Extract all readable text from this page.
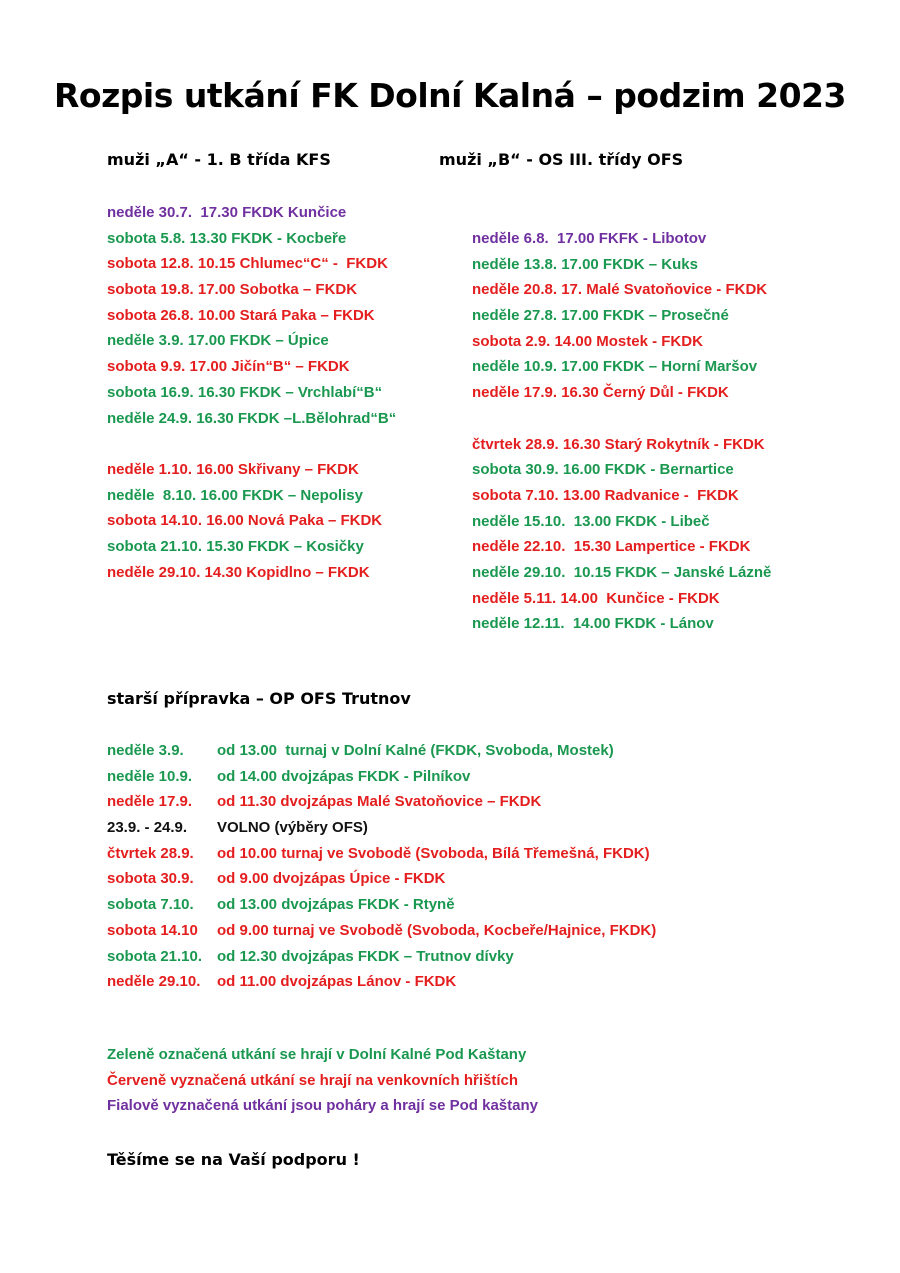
Rozpis utkání FK Dolní Kalná – podzim 2023
muži „A“ - 1. B třída KFS	muži „B“ - OS III. třídy OFS
neděle 30.7.  17.30 FKDK Kunčice
sobota 5.8. 13.30 FKDK - Kocbeře
sobota 12.8. 10.15 Chlumec“C“ -  FKDK
sobota 19.8. 17.00 Sobotka – FKDK
sobota 26.8. 10.00 Stará Paka – FKDK
neděle 3.9. 17.00 FKDK – Úpice
sobota 9.9. 17.00 Jičín“B“ – FKDK
sobota 16.9. 16.30 FKDK – Vrchlabí“B“
neděle 24.9. 16.30 FKDK –L.Bělohrad“B“
neděle 1.10. 16.00 Skřivany – FKDK
neděle  8.10. 16.00 FKDK – Nepolisy
sobota 14.10. 16.00 Nová Paka – FKDK
sobota 21.10. 15.30 FKDK – Kosičky
neděle 29.10. 14.30 Kopidlno – FKDK
neděle 6.8.  17.00 FKFK - Libotov
neděle 13.8. 17.00 FKDK – Kuks
neděle 20.8. 17. Malé Svatoňovice - FKDK
neděle 27.8. 17.00 FKDK – Prosečné
sobota 2.9. 14.00 Mostek - FKDK
neděle 10.9. 17.00 FKDK – Horní Maršov
neděle 17.9. 16.30 Černý Důl - FKDK
čtvrtek 28.9. 16.30 Starý Rokytník - FKDK
sobota 30.9. 16.00 FKDK - Bernartice
sobota 7.10. 13.00 Radvanice -  FKDK
neděle 15.10.  13.00 FKDK - Libeč
neděle 22.10.  15.30 Lampertice - FKDK
neděle 29.10.  10.15 FKDK – Janské Lázně
neděle 5.11. 14.00  Kunčice - FKDK
neděle 12.11.  14.00 FKDK - Lánov
starší přípravka – OP OFS Trutnov
neděle 3.9.	od 13.00  turnaj v Dolní Kalné (FKDK, Svoboda, Mostek)
neděle 10.9.	od 14.00 dvojzápas FKDK - Pilníkov
neděle 17.9.	od 11.30 dvojzápas Malé Svatoňovice – FKDK
23.9. - 24.9.	VOLNO (výběry OFS)
čtvrtek 28.9.	od 10.00 turnaj ve Svobodě (Svoboda, Bílá Třemešná, FKDK)
sobota 30.9.	od 9.00 dvojzápas Úpice - FKDK
sobota 7.10.	od 13.00 dvojzápas FKDK - Rtyně
sobota 14.10	od 9.00 turnaj ve Svobodě (Svoboda, Kocbeře/Hajnice, FKDK)
sobota 21.10. od 12.30 dvojzápas FKDK – Trutnov dívky
neděle 29.10.	od 11.00 dvojzápas Lánov - FKDK
Zeleně označená utkání se hrají v Dolní Kalné Pod Kaštany
Červeně vyznačená utkání se hrají na venkovních hřištích
Fialově vyznačená utkání jsou poháry a hrají se Pod kaštany
Těšíme se na Vaší podporu !
